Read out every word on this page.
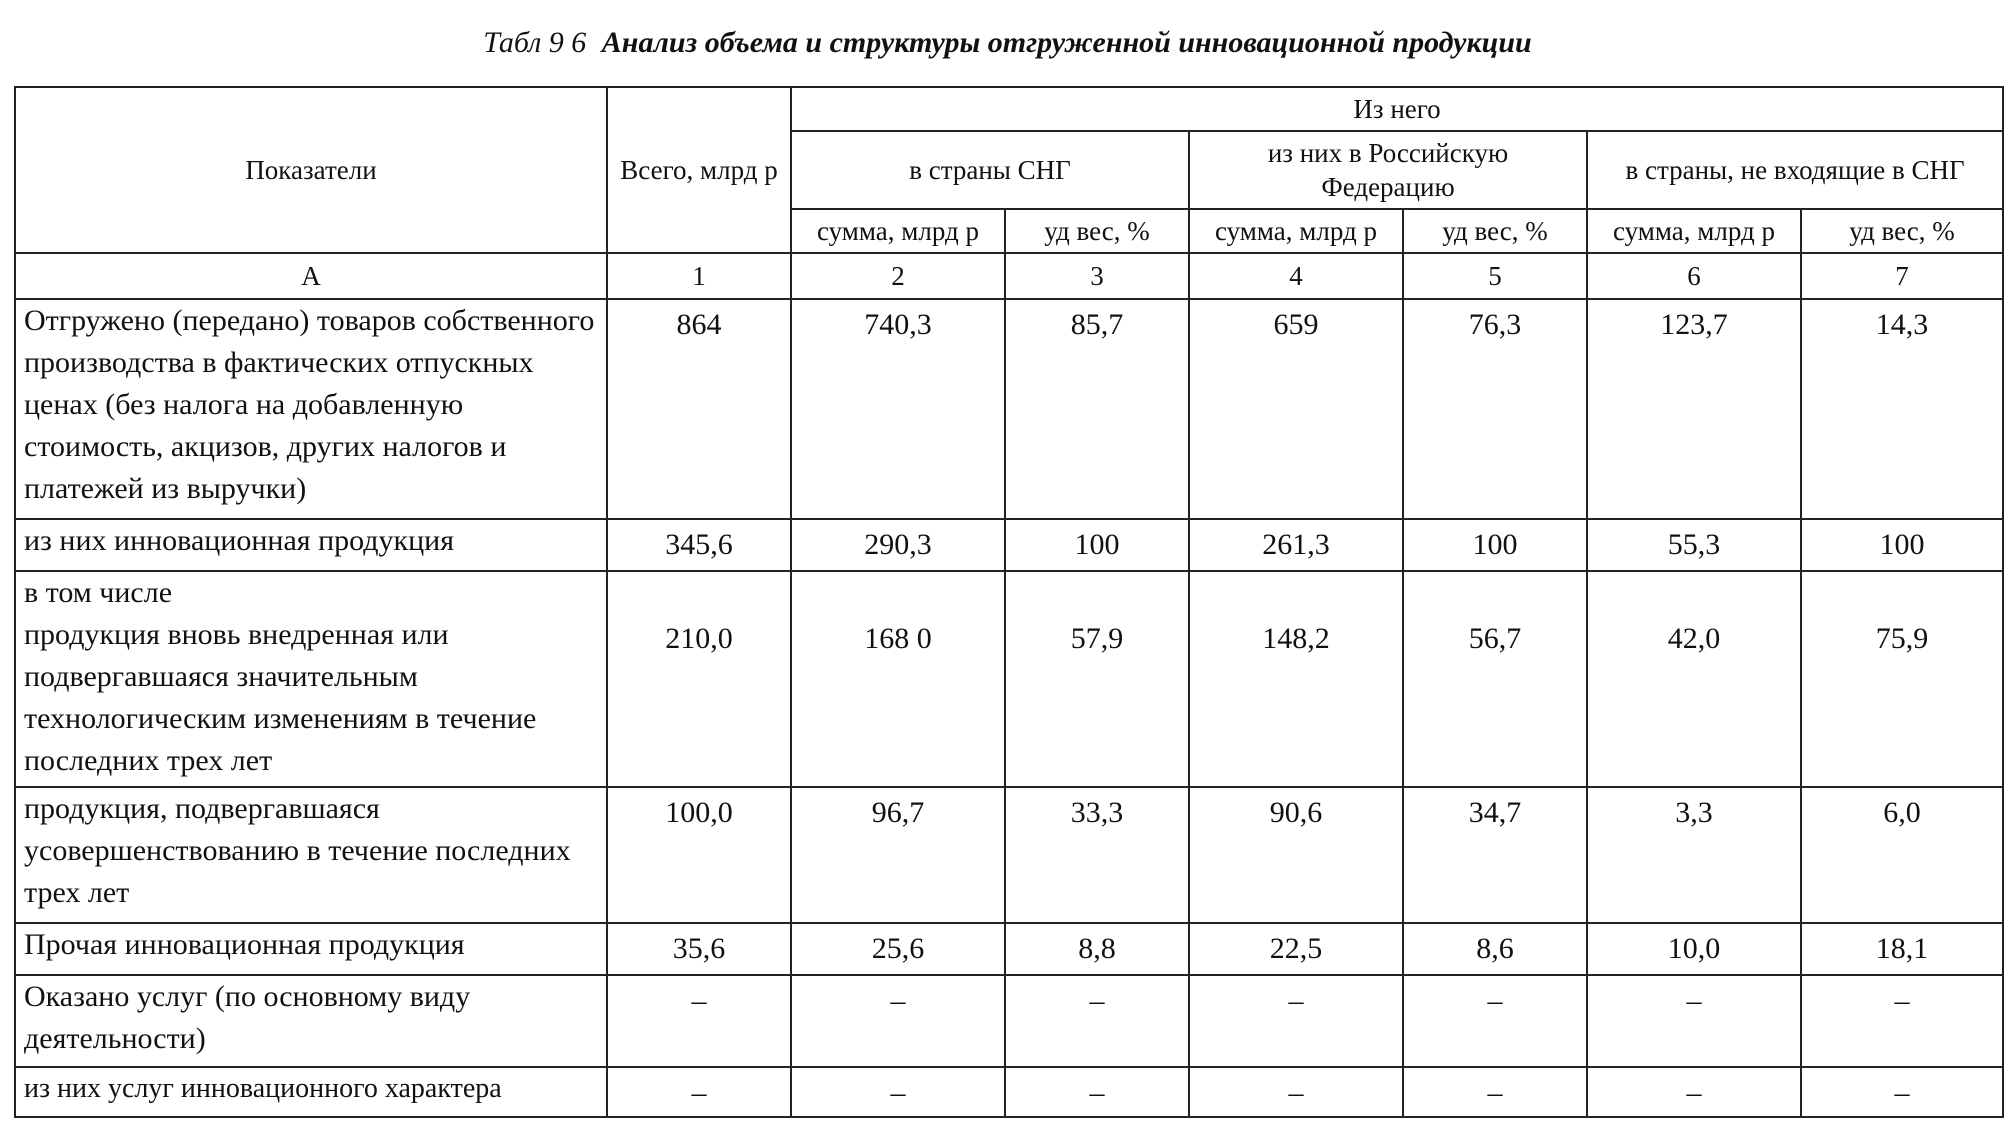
Табл 9 6 Анализ объема и структуры отгруженной инновационной продукции
Показатели	Всего, млрд р	Из него					
		в страны СНГ		из них в Российскую Федерацию		в страны, не входящие в СНГ	
		сумма, млрд р	уд вес, %	сумма, млрд р	уд вес, %	сумма, млрд р	уд вес, %
А	1	2	3	4	5	6	7
Отгружено (передано) товаров собственного производства в фактических отпускных ценах (без налога на добавленную стоимость, акцизов, других налогов и платежей из выручки)	864	740,3	85,7	659	76,3	123,7	14,3
из них инновационная продукция	345,6	290,3	100	261,3	100	55,3	100
в том числе
продукция вновь внедренная или подвергавшаяся значительным технологическим изменениям в течение последних трех лет	210,0	168 0	57,9	148,2	56,7	42,0	75,9
продукция, подвергавшаяся усовершенствованию в течение последних трех лет	100,0	96,7	33,3	90,6	34,7	3,3	6,0
Прочая инновационная продукция	35,6	25,6	8,8	22,5	8,6	10,0	18,1
Оказано услуг (по основному виду деятельности)	–	–	–	–	–	–	–
из них услуг инновационного характера	–	–	–	–	–	–	–
